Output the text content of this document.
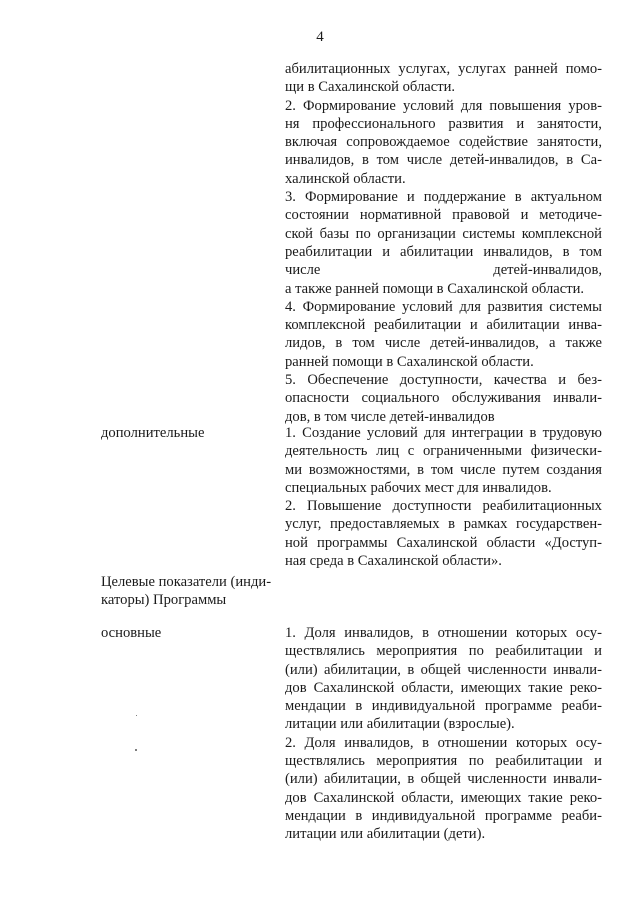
4
абилитационных услугах, услугах ранней помо-
щи в Сахалинской области.
2. Формирование условий для повышения уров-
ня профессионального развития и занятости,
включая сопровождаемое содействие занятости,
инвалидов, в том числе детей-инвалидов, в Са-
халинской области.
3. Формирование и поддержание в актуальном
состоянии нормативной правовой и методиче-
ской базы по организации системы комплексной
реабилитации и абилитации инвалидов, в том
числе	детей-инвалидов,
а также ранней помощи в Сахалинской области.
4. Формирование условий для развития системы
комплексной реабилитации и абилитации инва-
лидов, в том числе детей-инвалидов, а также
ранней помощи в Сахалинской области.
5. Обеспечение доступности, качества и без-
опасности социального обслуживания инвали-
дов, в том числе детей-инвалидов
дополнительные	1. Создание условий для интеграции в трудовую
деятельность лиц с ограниченными физически-
ми возможностями, в том числе путем создания
специальных рабочих мест для инвалидов.
2. Повышение доступности реабилитационных
услуг, предоставляемых в рамках государствен-
ной программы Сахалинской области «Доступ-
ная среда в Сахалинской области».
Целевые показатели (инди-
каторы) Программы
основные	1. Доля инвалидов, в отношении которых осу-
ществлялись мероприятия по реабилитации и
(или) абилитации, в общей численности инвали-
дов Сахалинской области, имеющих такие реко-
мендации в индивидуальной программе реаби-
литации или абилитации (взрослые).
2. Доля инвалидов, в отношении которых осу-
ществлялись мероприятия по реабилитации и
(или) абилитации, в общей численности инвали-
дов Сахалинской области, имеющих такие реко-
мендации в индивидуальной программе реаби-
литации или абилитации (дети).
